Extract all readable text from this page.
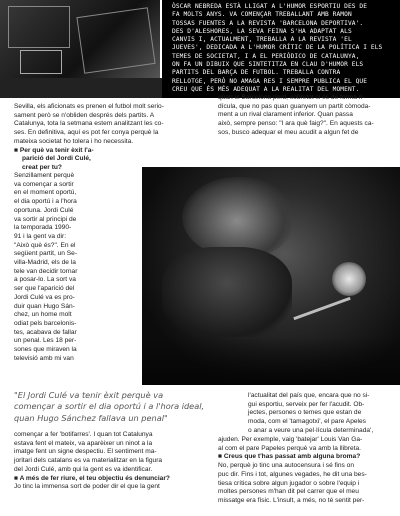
ÒSCAR NEBREDA ESTÀ LLIGAT A L'HUMOR ESPORTIU DES DE

FA MOLTS ANYS. VA COMENÇAR TREBALLANT AMB RAMON

TOSSAS FUENTES A LA REVISTA 'BARCELONA DEPORTIVA'.

DES D'ALESHORES, LA SEVA FEINA S'HA ADAPTAT ALS

CANVIS I, ACTUALMENT, TREBALLA A LA REVISTA 'EL

JUEVES', DEDICADA A L'HUMOR CRÍTIC DE LA POLÍTICA I ELS

TEMES DE SOCIETAT, I A EL PERIÓDICO DE CATALUNYA,

ON FA UN DIBUIX QUE SINTETITZA EN CLAU D'HUMOR ELS

PARTITS DEL BARÇA DE FUTBOL. TREBALLA CONTRA

RELLOTGE, PERÒ NO AMAGA RES I SEMPRE PUBLICA EL QUE

CREU QUE ÉS MÉS ADEQUAT A LA REALITAT DEL MOMENT.

Sevilla, els aficionats es prenen el futbol molt serio-

sament però se n'obliden després dels partits. A

Catalunya, tota la setmana estem analitzant les co-

ses. En definitiva, aquí es pot fer conya perquè la

mateixa societat ho tolera i ho necessita.

■ Per què va tenir èxit l'a-

parició del Jordi Culé,

creat per tu?

quan el Barcelona perd, sobretot si és de forma ri-

dícula, que no pas quan guanyem un partit còmoda-

ment a un rival clarament inferior. Quan passa

això, sempre penso: "I ara què faig?". En aquests ca-

sos, busco adequar el meu acudit a algun fet de

Senzillament perquè

va començar a sortir

en el moment oportú,

el dia oportú i a l'hora

oportuna. Jordi Culé

va sortir al principi de

la temporada 1990-

91 i la gent va dir:

"Això què és?". En el

següent partit, un Se-

villa-Madrid, els de la

tele van decidir tornar

a posar-lo. La sort va

ser que l'aparició del

Jordi Culé va es pro-

duir quan Hugo Sán-

chez, un home molt

odiat pels barcelonis-

tes, acabava de fallar

un penal. Les 18 per-

sones que miraven la

televisió amb mi van

"El Jordi Culé va tenir èxit perquè va

començar a sortir el dia oportú i a l'hora ideal,

quan Hugo Sánchez fallava un penal"

començar a fer 'botifarres'. I quan tot Catalunya

estava fent el mateix, va aparèixer un ninot a la

imatge fent un signe despectiu. El sentiment ma-

joritari dels catalans es va materialitzar en la figura

del Jordi Culé, amb qui la gent es va identificar.

■ A més de fer riure, el teu objectiu és denunciar?

Jo tinc la immensa sort de poder dir el que la gent

l'actualitat del país que, encara que no si-

gui esportiu, serveix per fer l'acudit. Ob-

jectes, persones o temes que estan de

moda, com el 'tamagotxi', el pare Apeles

o anar a veure una pel·lícula determinada',

ajuden. Per exemple, vaig 'batejar' Louis Van Ga-

al com el pare Papeles perquè va amb la llibreta.

■ Creus que t'has passat amb alguna broma?

No, perquè jo tinc una autocensura i sé fins on

puc dir. Fins i tot, algunes vegades, he dit una bes-

tiesa crítica sobre algun jugador o sobre l'equip i

moltes persones m'han dit pel carrer que el meu

missatge era físic. L'insult, a més, no té sentit per-
